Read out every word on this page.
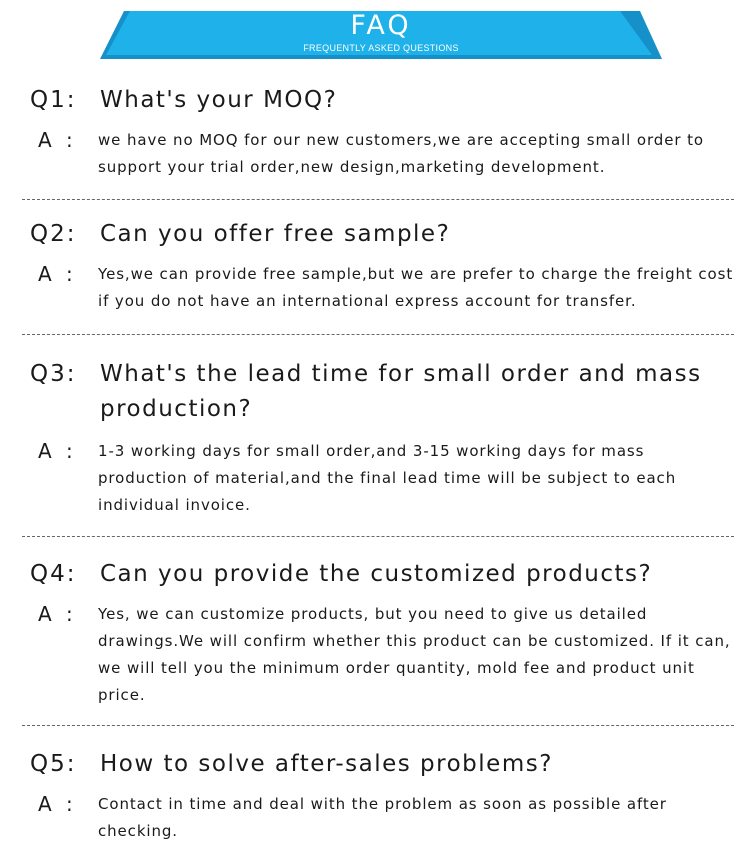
FAQ
FREQUENTLY ASKED QUESTIONS
Q1:	What's your MOQ?
A :	we have no MOQ for our new customers,we are accepting small order to support your trial order,new design,marketing development.
Q2:	Can you offer free sample?
A :	Yes,we can provide free sample,but we are prefer to charge the freight cost if you do not have an international express account for transfer.
Q3:	What's the lead time for small order and mass production?
A :	1-3 working days for small order,and 3-15 working days for mass production of material,and the final lead time will be subject to each individual invoice.
Q4:	Can you provide the customized products?
A :	Yes, we can customize products, but you need to give us detailed drawings.We will confirm whether this product can be customized. If it can, we will tell you the minimum order quantity, mold fee and product unit price.
Q5:	How to solve after-sales problems?
A :	Contact in time and deal with the problem as soon as possible after checking.
